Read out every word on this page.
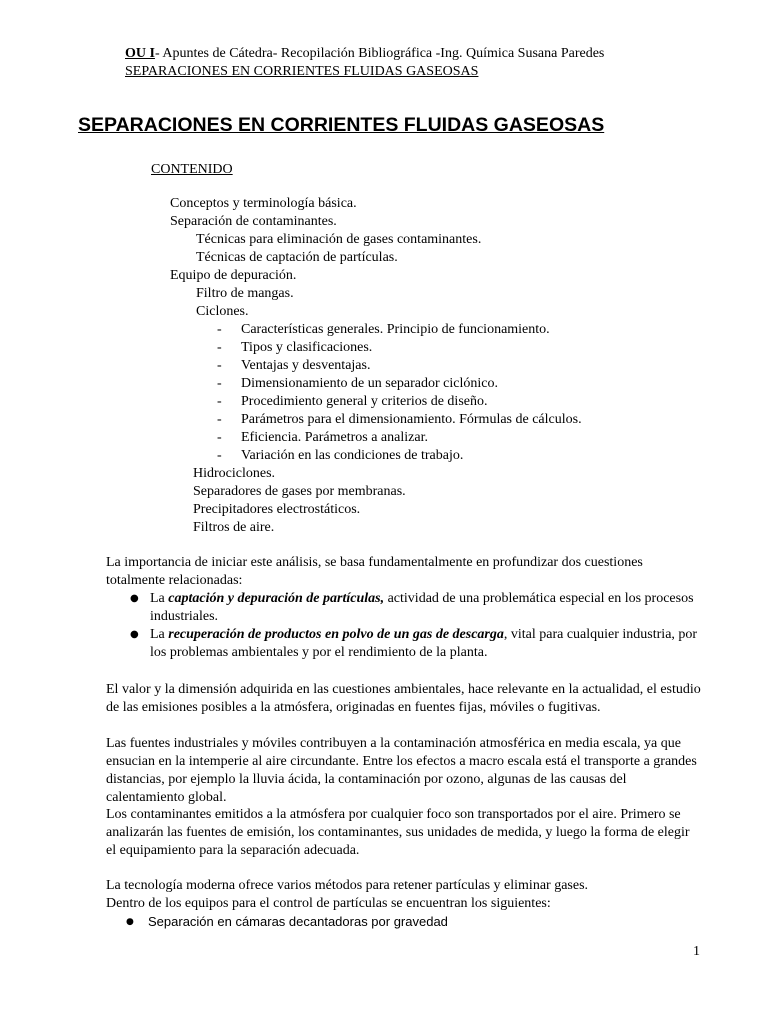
OU I- Apuntes de Cátedra- Recopilación Bibliográfica -Ing. Química Susana Paredes
SEPARACIONES EN CORRIENTES FLUIDAS GASEOSAS
SEPARACIONES EN CORRIENTES FLUIDAS GASEOSAS
CONTENIDO
Conceptos y terminología básica.
Separación de contaminantes.
Técnicas para eliminación de gases contaminantes.
Técnicas de captación de partículas.
Equipo de depuración.
Filtro de mangas.
Ciclones.
Características generales. Principio de funcionamiento.
-
Tipos y clasificaciones.
-
Ventajas y desventajas.
-
Dimensionamiento de un separador ciclónico.
-
Procedimiento general y criterios de diseño.
-
Parámetros para el dimensionamiento. Fórmulas de cálculos.
-
Eficiencia. Parámetros a analizar.
-
Variación en las condiciones de trabajo.
-
Hidrociclones.
Separadores de gases por membranas.
Precipitadores electrostáticos.
Filtros de aire.
La importancia de iniciar este análisis, se basa fundamentalmente en profundizar dos cuestiones totalmente relacionadas:
● La captación y depuración de partículas, actividad de una problemática especial en los procesos industriales.
● La recuperación de productos en polvo de un gas de descarga, vital para cualquier industria, por los problemas ambientales y por el rendimiento de la planta.
El valor y la dimensión adquirida en las cuestiones ambientales, hace relevante en la actualidad, el estudio de las emisiones posibles a la atmósfera, originadas en fuentes fijas, móviles o fugitivas.
Las fuentes industriales y móviles contribuyen a la contaminación atmosférica en media escala, ya que ensucian en la intemperie al aire circundante. Entre los efectos a macro escala está el transporte a grandes distancias, por ejemplo la lluvia ácida, la contaminación por ozono, algunas de las causas del calentamiento global.
Los contaminantes emitidos a la atmósfera por cualquier foco son transportados por el aire. Primero se analizarán las fuentes de emisión, los contaminantes, sus unidades de medida, y luego la forma de elegir el equipamiento para la separación adecuada.
La tecnología moderna ofrece varios métodos para retener partículas y eliminar gases.
Dentro de los equipos para el control de partículas se encuentran los siguientes:
● Separación en cámaras decantadoras por gravedad
1
